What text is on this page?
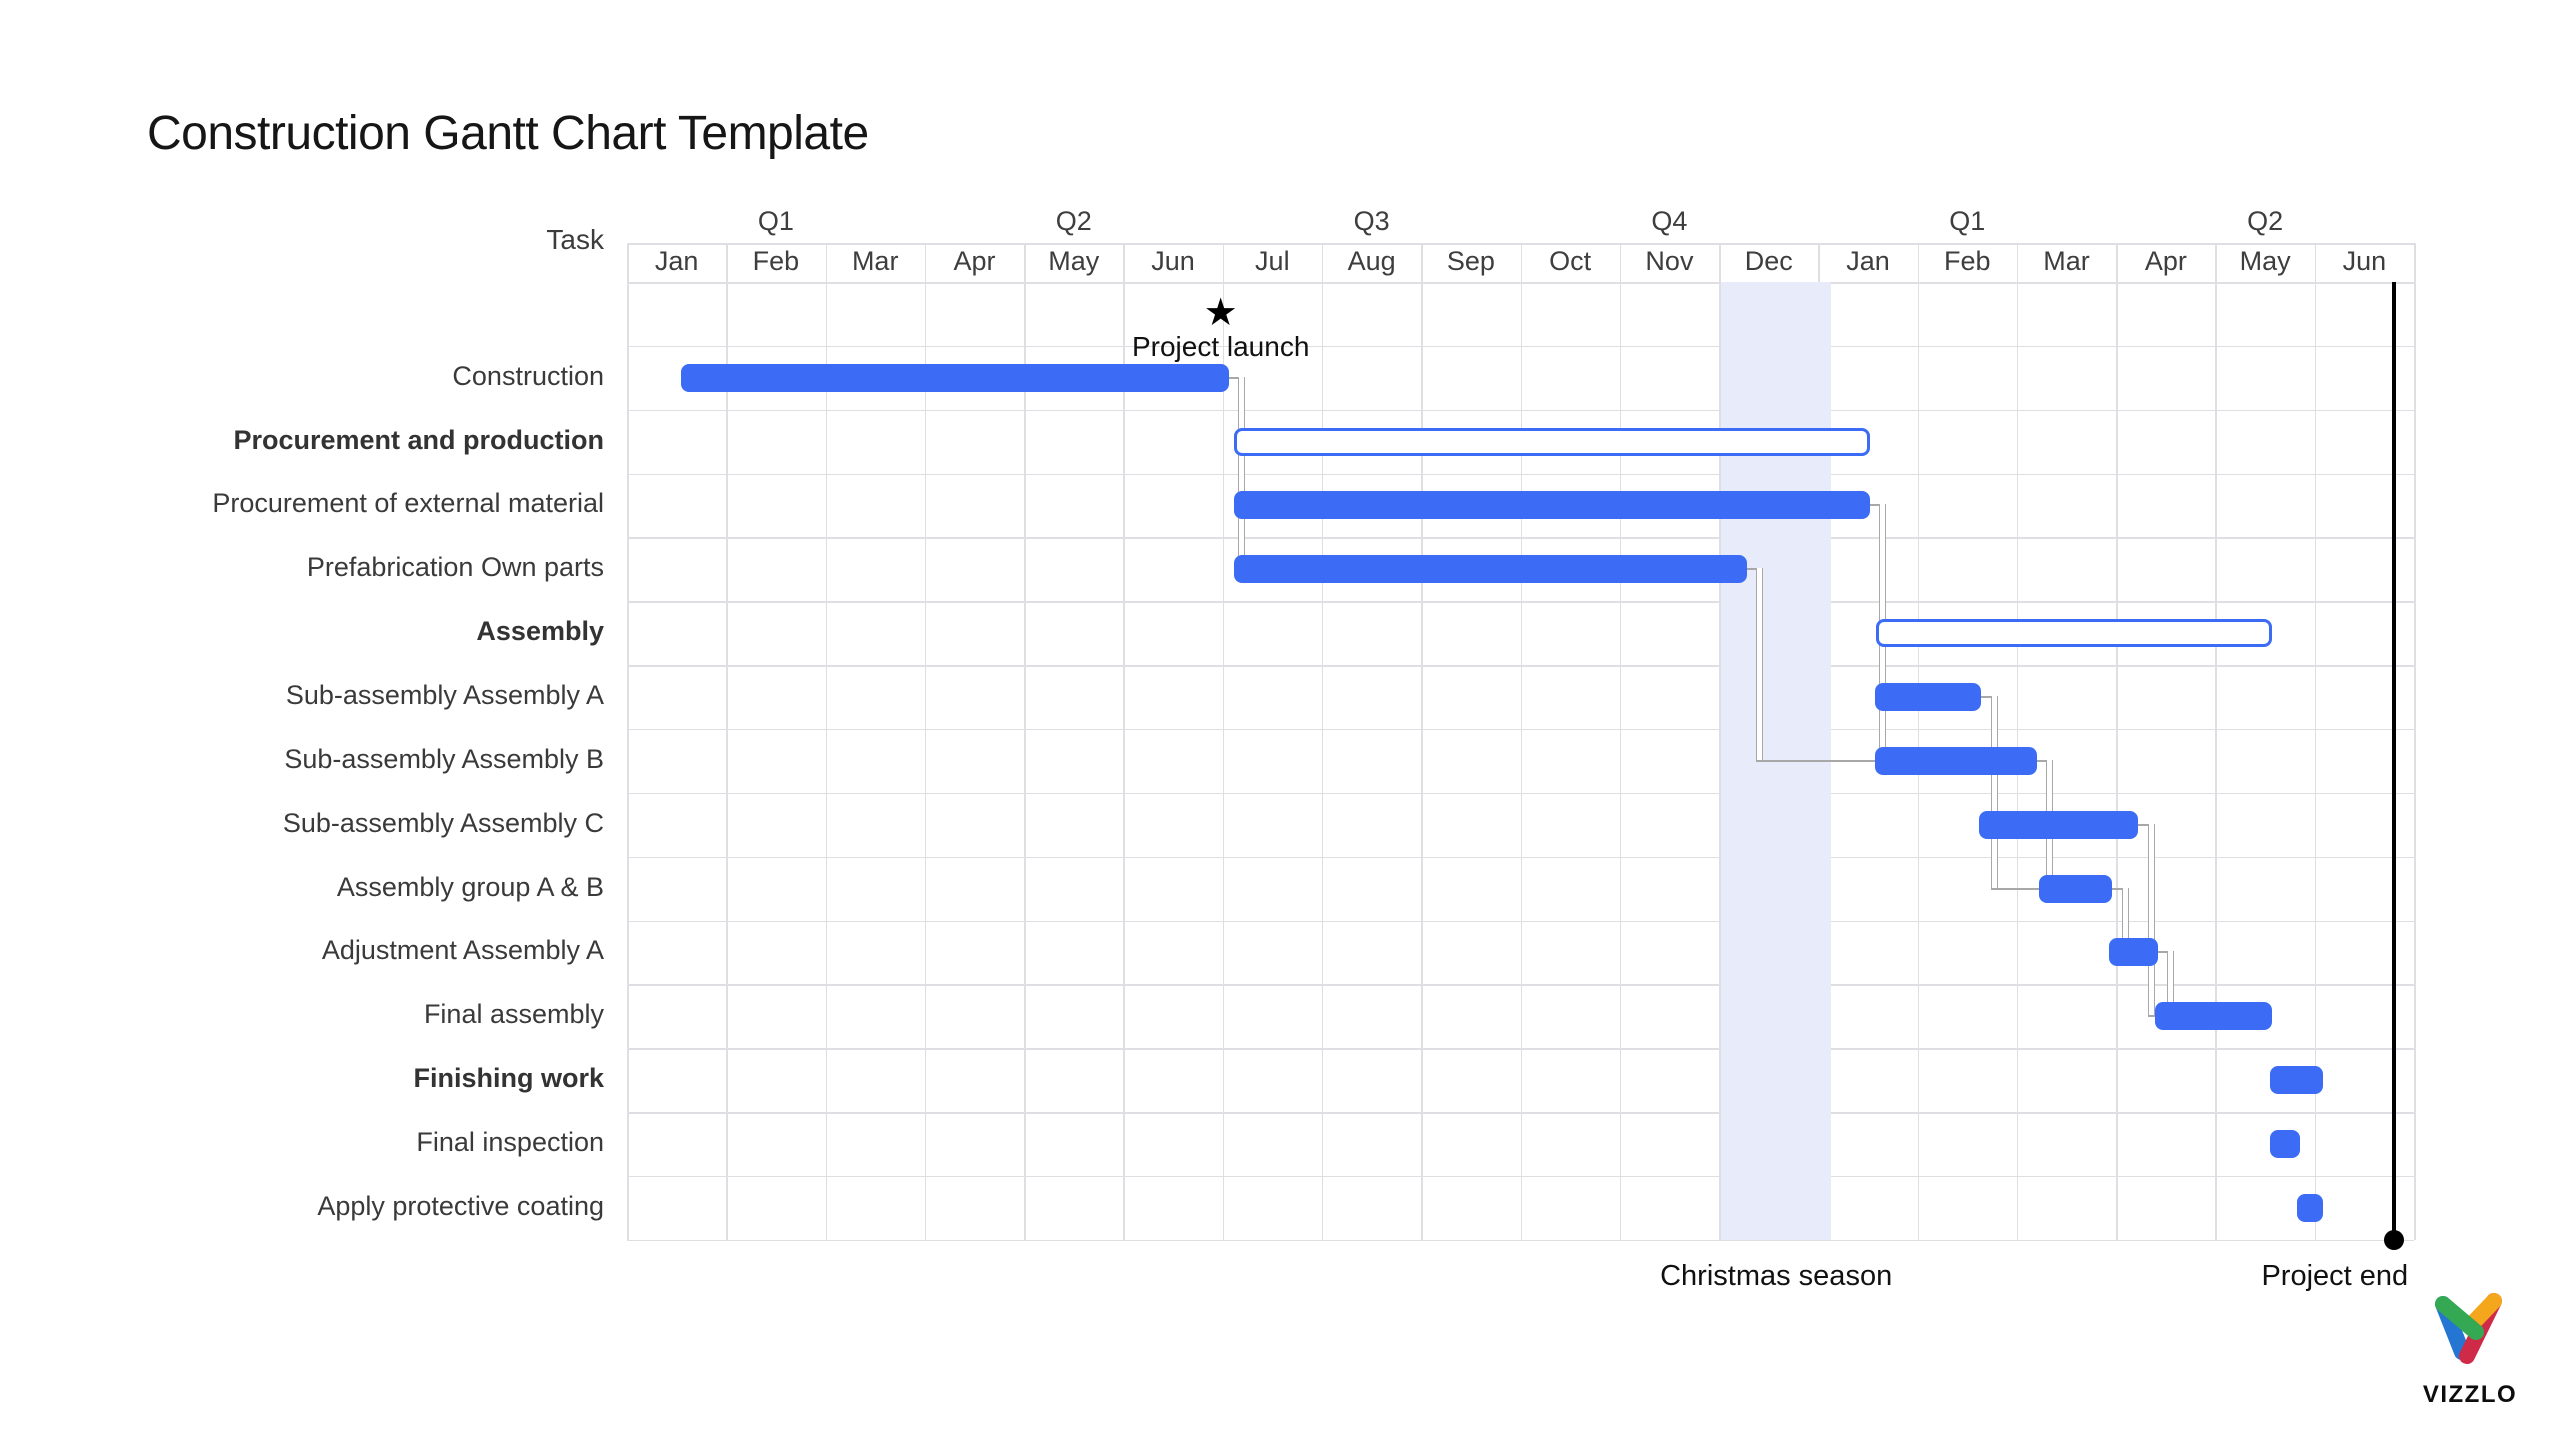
Construction Gantt Chart Template
Task
Q1	Q2	Q3	Q4	Q1	Q2
Jan Feb Mar Apr May Jun Jul Aug Sep Oct Nov Dec Jan Feb Mar Apr May Jun
Christmas season
Construction
Procurement and production
Procurement of external material
Prefabrication Own parts
Assembly
Sub-assembly Assembly A
Sub-assembly Assembly B
Sub-assembly Assembly C
Assembly group A & B
Adjustment Assembly A
Final assembly
Finishing work
Final inspection
Apply protective coating
★
Project launch
Project end
VIZZLO
